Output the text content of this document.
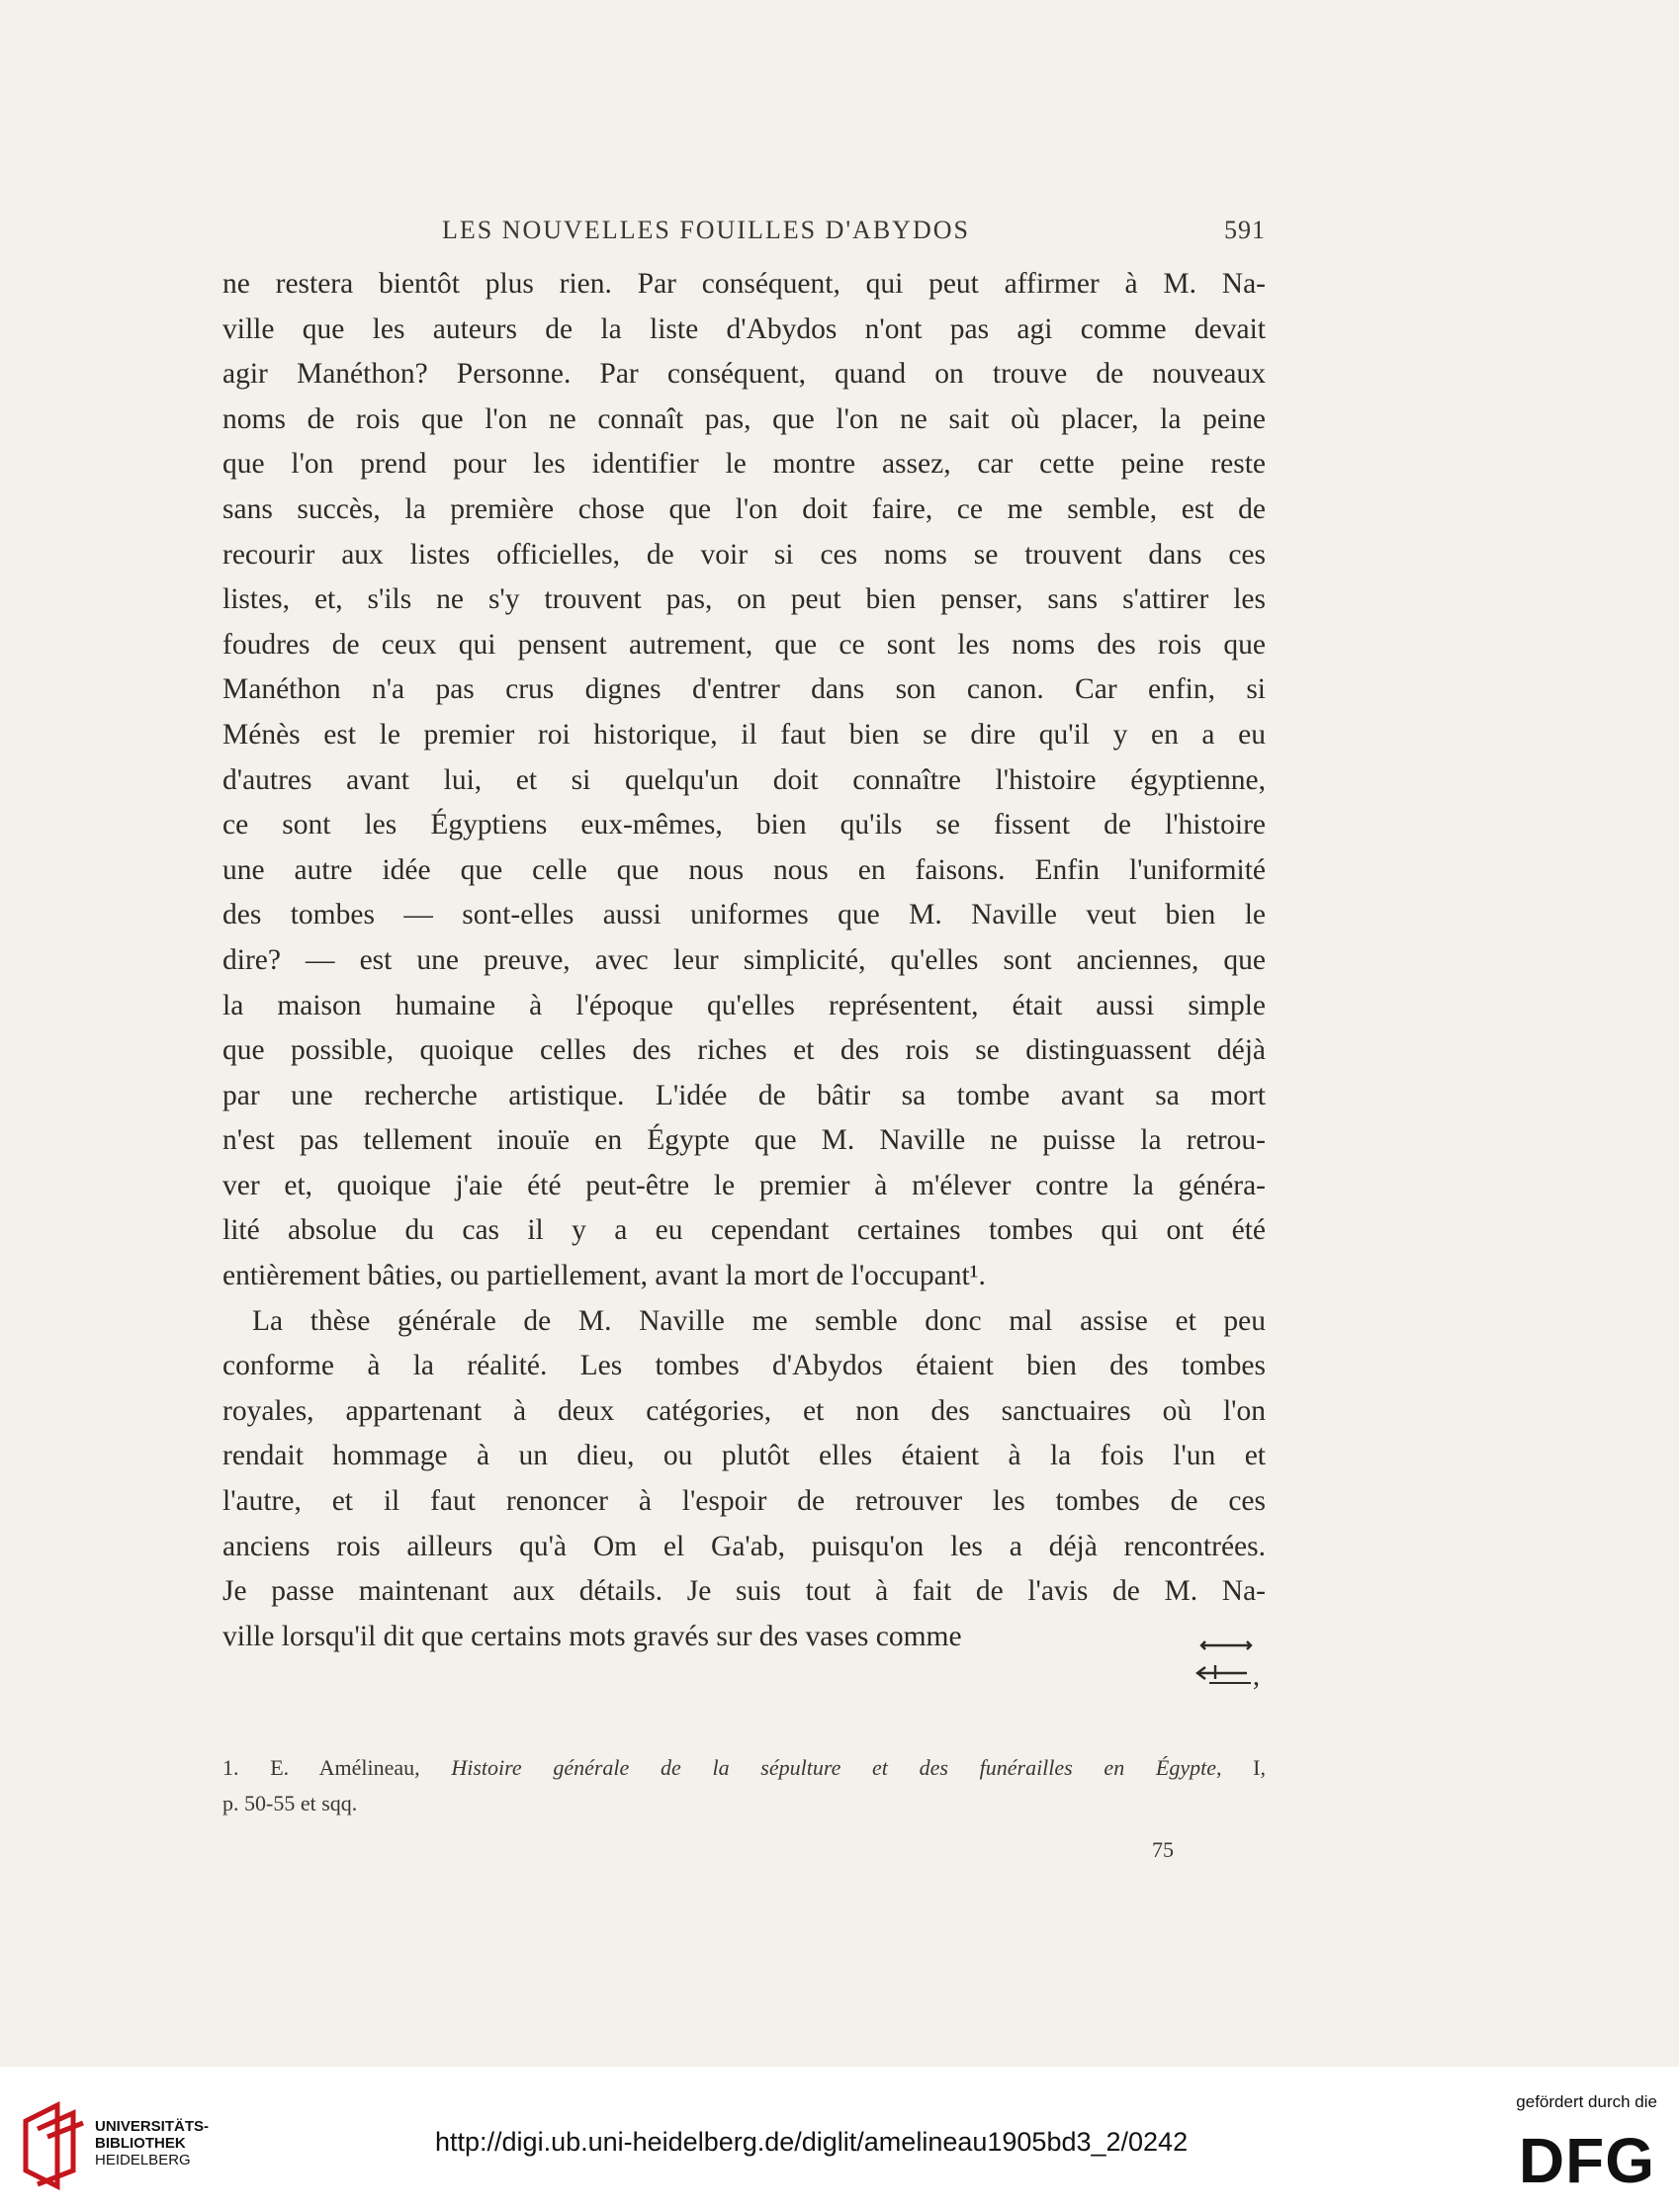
LES NOUVELLES FOUILLES D'ABYDOS	591
ne restera bientôt plus rien. Par conséquent, qui peut affirmer à M. Na-
ville que les auteurs de la liste d'Abydos n'ont pas agi comme devait
agir Manéthon? Personne. Par conséquent, quand on trouve de nouveaux
noms de rois que l'on ne connaît pas, que l'on ne sait où placer, la peine
que l'on prend pour les identifier le montre assez, car cette peine reste
sans succès, la première chose que l'on doit faire, ce me semble, est de
recourir aux listes officielles, de voir si ces noms se trouvent dans ces
listes, et, s'ils ne s'y trouvent pas, on peut bien penser, sans s'attirer les
foudres de ceux qui pensent autrement, que ce sont les noms des rois que
Manéthon n'a pas crus dignes d'entrer dans son canon. Car enfin, si
Ménès est le premier roi historique, il faut bien se dire qu'il y en a eu
d'autres avant lui, et si quelqu'un doit connaître l'histoire égyptienne,
ce sont les Égyptiens eux-mêmes, bien qu'ils se fissent de l'histoire
une autre idée que celle que nous nous en faisons. Enfin l'uniformité
des tombes — sont-elles aussi uniformes que M. Naville veut bien le
dire? — est une preuve, avec leur simplicité, qu'elles sont anciennes, que
la maison humaine à l'époque qu'elles représentent, était aussi simple
que possible, quoique celles des riches et des rois se distinguassent déjà
par une recherche artistique. L'idée de bâtir sa tombe avant sa mort
n'est pas tellement inouïe en Égypte que M. Naville ne puisse la retrou-
ver et, quoique j'aie été peut-être le premier à m'élever contre la généra-
lité absolue du cas il y a eu cependant certaines tombes qui ont été
entièrement bâties, ou partiellement, avant la mort de l'occupant¹.
La thèse générale de M. Naville me semble donc mal assise et peu
conforme à la réalité. Les tombes d'Abydos étaient bien des tombes
royales, appartenant à deux catégories, et non des sanctuaires où l'on
rendait hommage à un dieu, ou plutôt elles étaient à la fois l'un et
l'autre, et il faut renoncer à l'espoir de retrouver les tombes de ces
anciens rois ailleurs qu'à Om el Ga'ab, puisqu'on les a déjà rencontrées.
Je passe maintenant aux détails. Je suis tout à fait de l'avis de M. Na-
ville lorsqu'il dit que certains mots gravés sur des vases comme
,
1. E. Amélineau, Histoire générale de la sépulture et des funérailles en Égypte, I,
p. 50-55 et sqq.
75
UNIVERSITÄTS-
BIBLIOTHEK
HEIDELBERG
http://digi.ub.uni-heidelberg.de/diglit/amelineau1905bd3_2/0242
gefördert durch die
DFG
